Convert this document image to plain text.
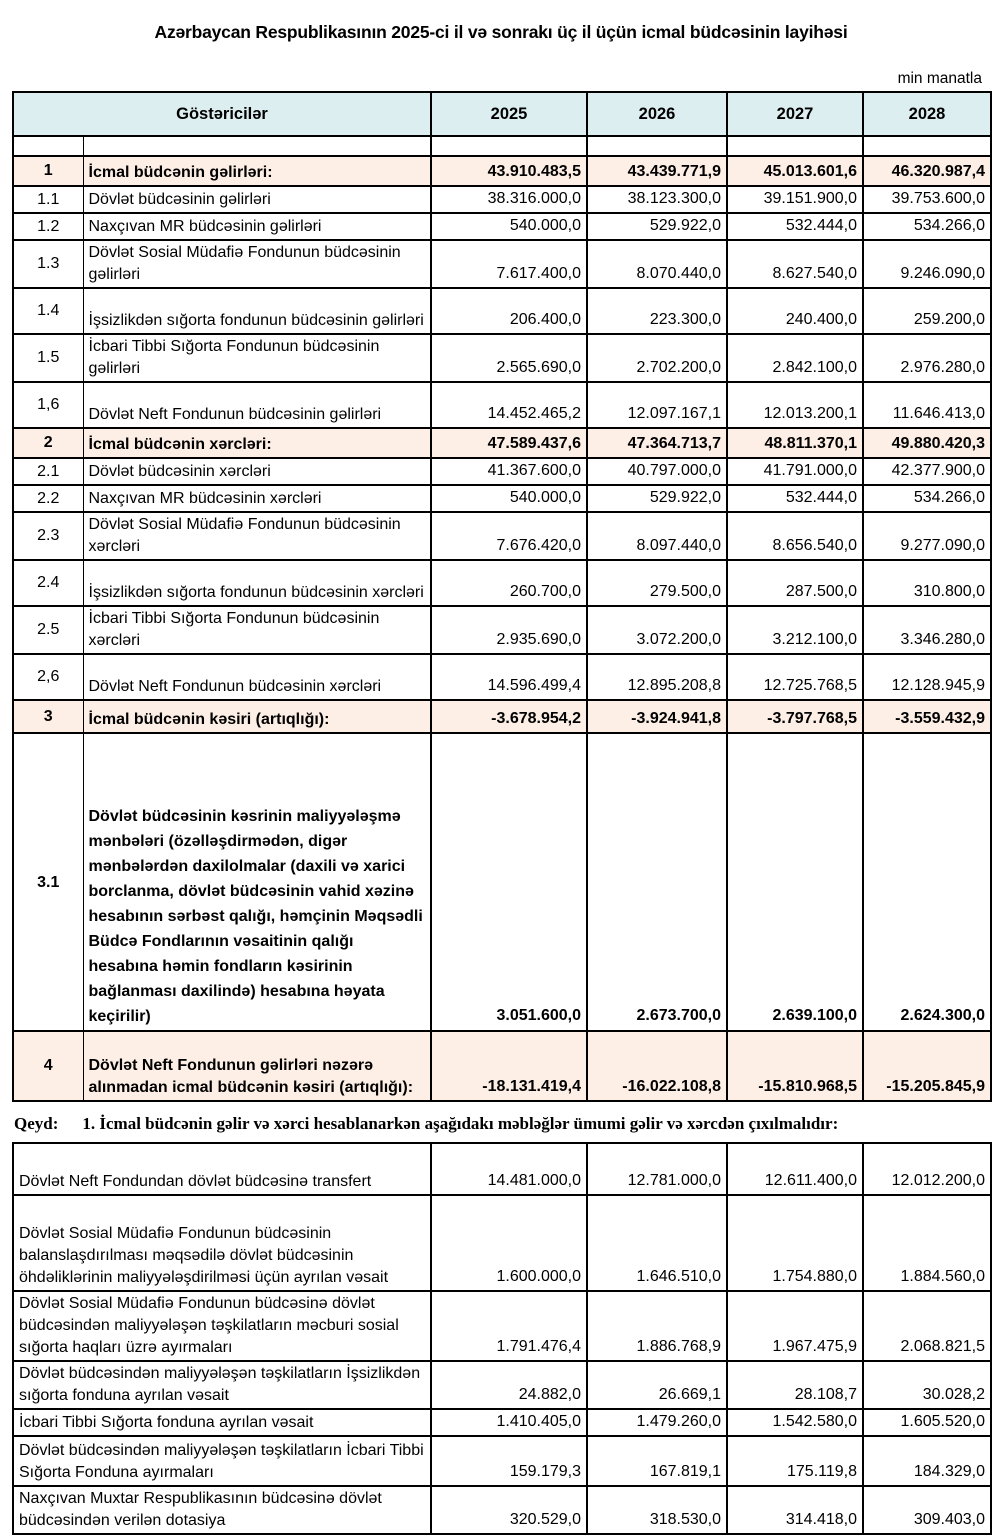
Azərbaycan Respublikasının 2025-ci il və sonrakı üç il üçün icmal büdcəsinin layihəsi
min manatla
Göstəricilər		2025	2026	2027	2028

1	İcmal büdcənin gəlirləri:	43.910.483,5	43.439.771,9	45.013.601,6	46.320.987,4
1.1	Dövlət büdcəsinin gəlirləri	38.316.000,0	38.123.300,0	39.151.900,0	39.753.600,0
1.2	Naxçıvan MR büdcəsinin gəlirləri	540.000,0	529.922,0	532.444,0	534.266,0
1.3	Dövlət Sosial Müdafiə Fondunun büdcəsinin gəlirləri	7.617.400,0	8.070.440,0	8.627.540,0	9.246.090,0
1.4	İşsizlikdən sığorta fondunun büdcəsinin gəlirləri	206.400,0	223.300,0	240.400,0	259.200,0
1.5	İcbari Tibbi Sığorta Fondunun büdcəsinin gəlirləri	2.565.690,0	2.702.200,0	2.842.100,0	2.976.280,0
1,6	Dövlət Neft Fondunun büdcəsinin gəlirləri	14.452.465,2	12.097.167,1	12.013.200,1	11.646.413,0
2	İcmal büdcənin xərcləri:	47.589.437,6	47.364.713,7	48.811.370,1	49.880.420,3
2.1	Dövlət büdcəsinin xərcləri	41.367.600,0	40.797.000,0	41.791.000,0	42.377.900,0
2.2	Naxçıvan MR büdcəsinin xərcləri	540.000,0	529.922,0	532.444,0	534.266,0
2.3	Dövlət Sosial Müdafiə Fondunun büdcəsinin xərcləri	7.676.420,0	8.097.440,0	8.656.540,0	9.277.090,0
2.4	İşsizlikdən sığorta fondunun büdcəsinin xərcləri	260.700,0	279.500,0	287.500,0	310.800,0
2.5	İcbari Tibbi Sığorta Fondunun büdcəsinin xərcləri	2.935.690,0	3.072.200,0	3.212.100,0	3.346.280,0
2,6	Dövlət Neft Fondunun büdcəsinin xərcləri	14.596.499,4	12.895.208,8	12.725.768,5	12.128.945,9
3	İcmal büdcənin kəsiri (artıqlığı):	-3.678.954,2	-3.924.941,8	-3.797.768,5	-3.559.432,9
3.1	Dövlət büdcəsinin kəsrinin maliyyələşmə mənbələri (özəlləşdirmədən, digər mənbələrdən daxilolmalar (daxili və xarici borclanma, dövlət büdcəsinin vahid xəzinə hesabının sərbəst qalığı, həmçinin Məqsədli Büdcə Fondlarının vəsaitinin qalığı hesabına həmin fondların kəsirinin bağlanması daxilində) hesabına həyata keçirilir)	3.051.600,0	2.673.700,0	2.639.100,0	2.624.300,0
4	Dövlət Neft Fondunun gəlirləri nəzərə alınmadan icmal büdcənin kəsiri (artıqlığı):	-18.131.419,4	-16.022.108,8	-15.810.968,5	-15.205.845,9

Qeyd: 1. İcmal büdcənin gəlir və xərci hesablanarkən aşağıdakı məbləğlər ümumi gəlir və xərcdən çıxılmalıdır:

Dövlət Neft Fondundan dövlət büdcəsinə transfert	14.481.000,0	12.781.000,0	12.611.400,0	12.012.200,0
Dövlət Sosial Müdafiə Fondunun büdcəsinin balanslaşdırılması məqsədilə dövlət büdcəsinin öhdəliklərinin maliyyələşdirilməsi üçün ayrılan vəsait	1.600.000,0	1.646.510,0	1.754.880,0	1.884.560,0
Dövlət Sosial Müdafiə Fondunun büdcəsinə dövlət büdcəsindən maliyyələşən təşkilatların məcburi sosial sığorta haqları üzrə ayırmaları	1.791.476,4	1.886.768,9	1.967.475,9	2.068.821,5
Dövlət büdcəsindən maliyyələşən təşkilatların İşsizlikdən sığorta fonduna ayrılan vəsait	24.882,0	26.669,1	28.108,7	30.028,2
İcbari Tibbi Sığorta fonduna ayrılan vəsait	1.410.405,0	1.479.260,0	1.542.580,0	1.605.520,0
Dövlət büdcəsindən maliyyələşən təşkilatların İcbari Tibbi Sığorta Fonduna ayırmaları	159.179,3	167.819,1	175.119,8	184.329,0
Naxçıvan Muxtar Respublikasının büdcəsinə dövlət büdcəsindən verilən dotasiya	320.529,0	318.530,0	314.418,0	309.403,0
